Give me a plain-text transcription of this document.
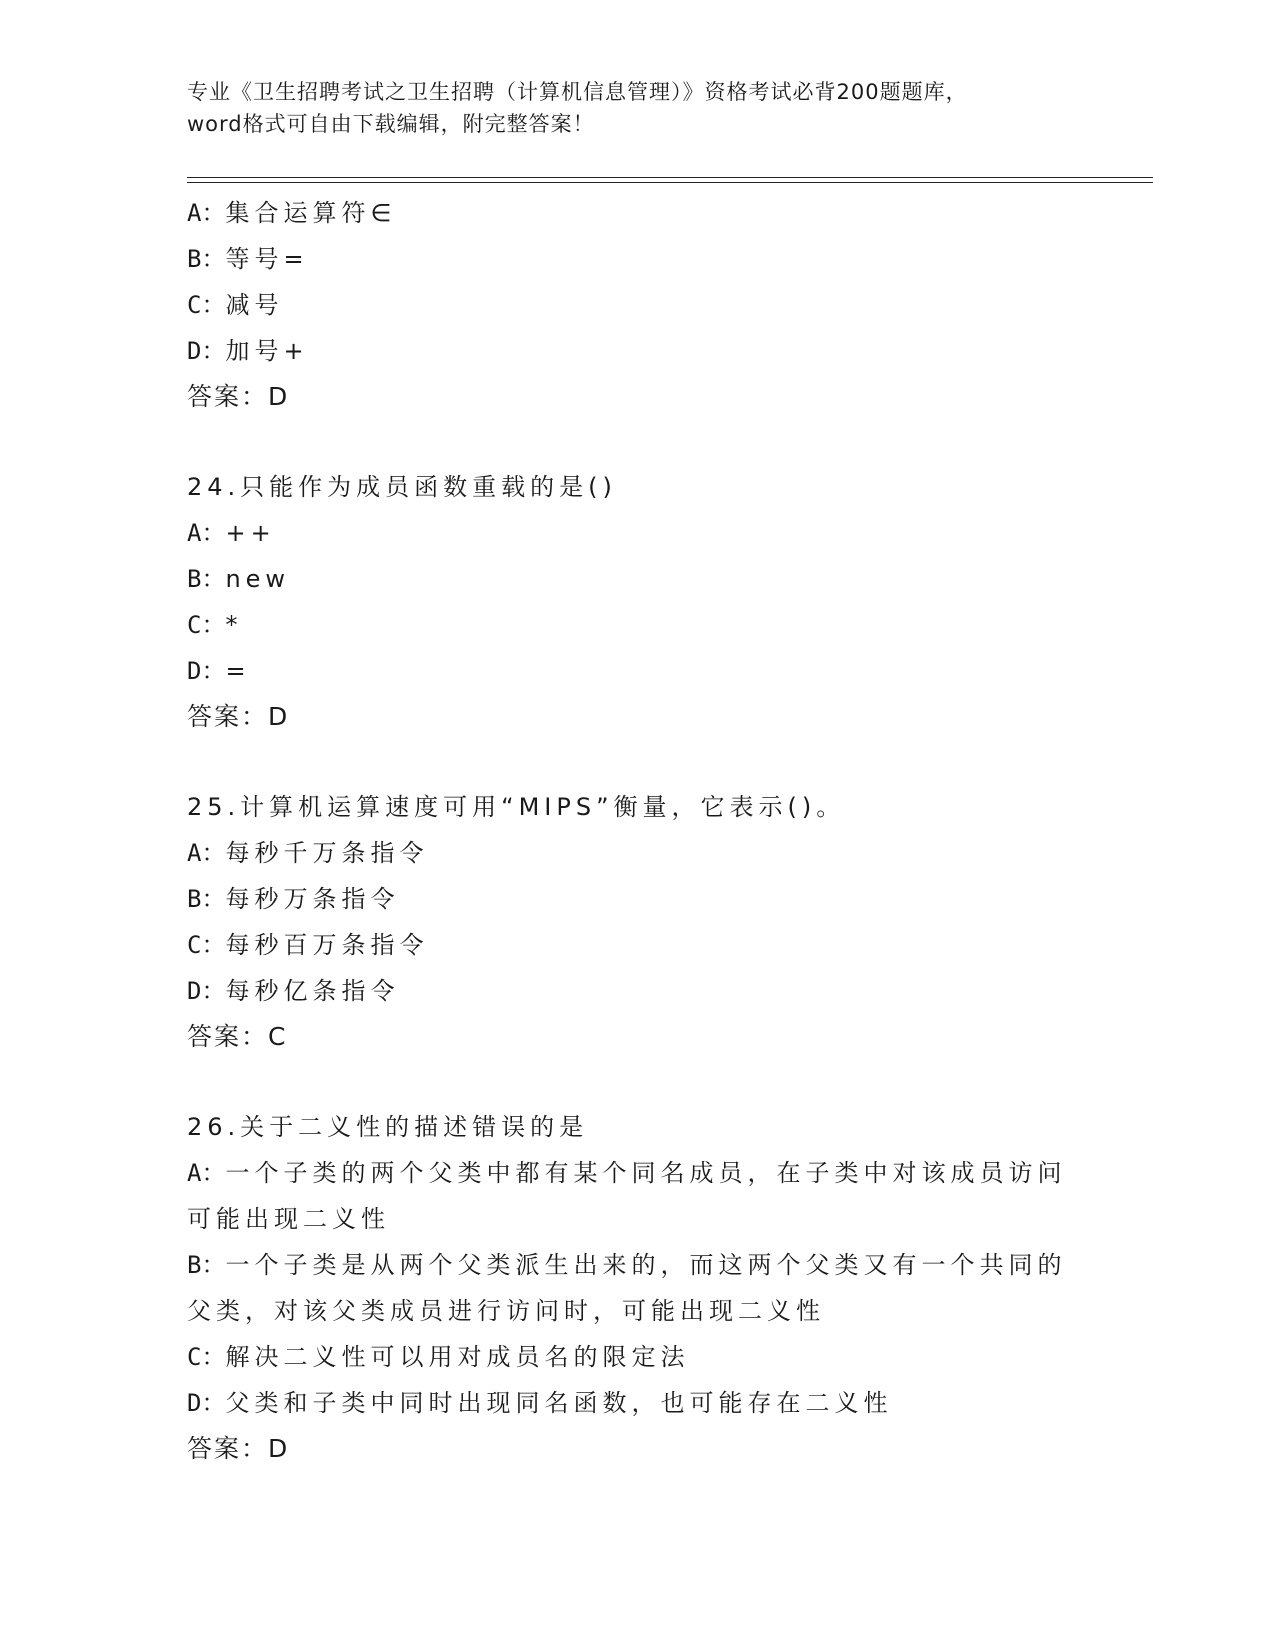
专业《卫生招聘考试之卫生招聘（计算机信息管理）》资格考试必背200题题库，
word格式可自由下载编辑，附完整答案！
A：集合运算符∈
B：等号=
C：减号
D：加号+
答案：D
24.只能作为成员函数重载的是()
A：++
B：new
C：*
D：=
答案：D
25.计算机运算速度可用“MIPS”衡量，它表示()。
A：每秒千万条指令
B：每秒万条指令
C：每秒百万条指令
D：每秒亿条指令
答案：C
26.关于二义性的描述错误的是
A：一个子类的两个父类中都有某个同名成员，在子类中对该成员访问
可能出现二义性
B：一个子类是从两个父类派生出来的，而这两个父类又有一个共同的
父类，对该父类成员进行访问时，可能出现二义性
C：解决二义性可以用对成员名的限定法
D：父类和子类中同时出现同名函数，也可能存在二义性
答案：D
